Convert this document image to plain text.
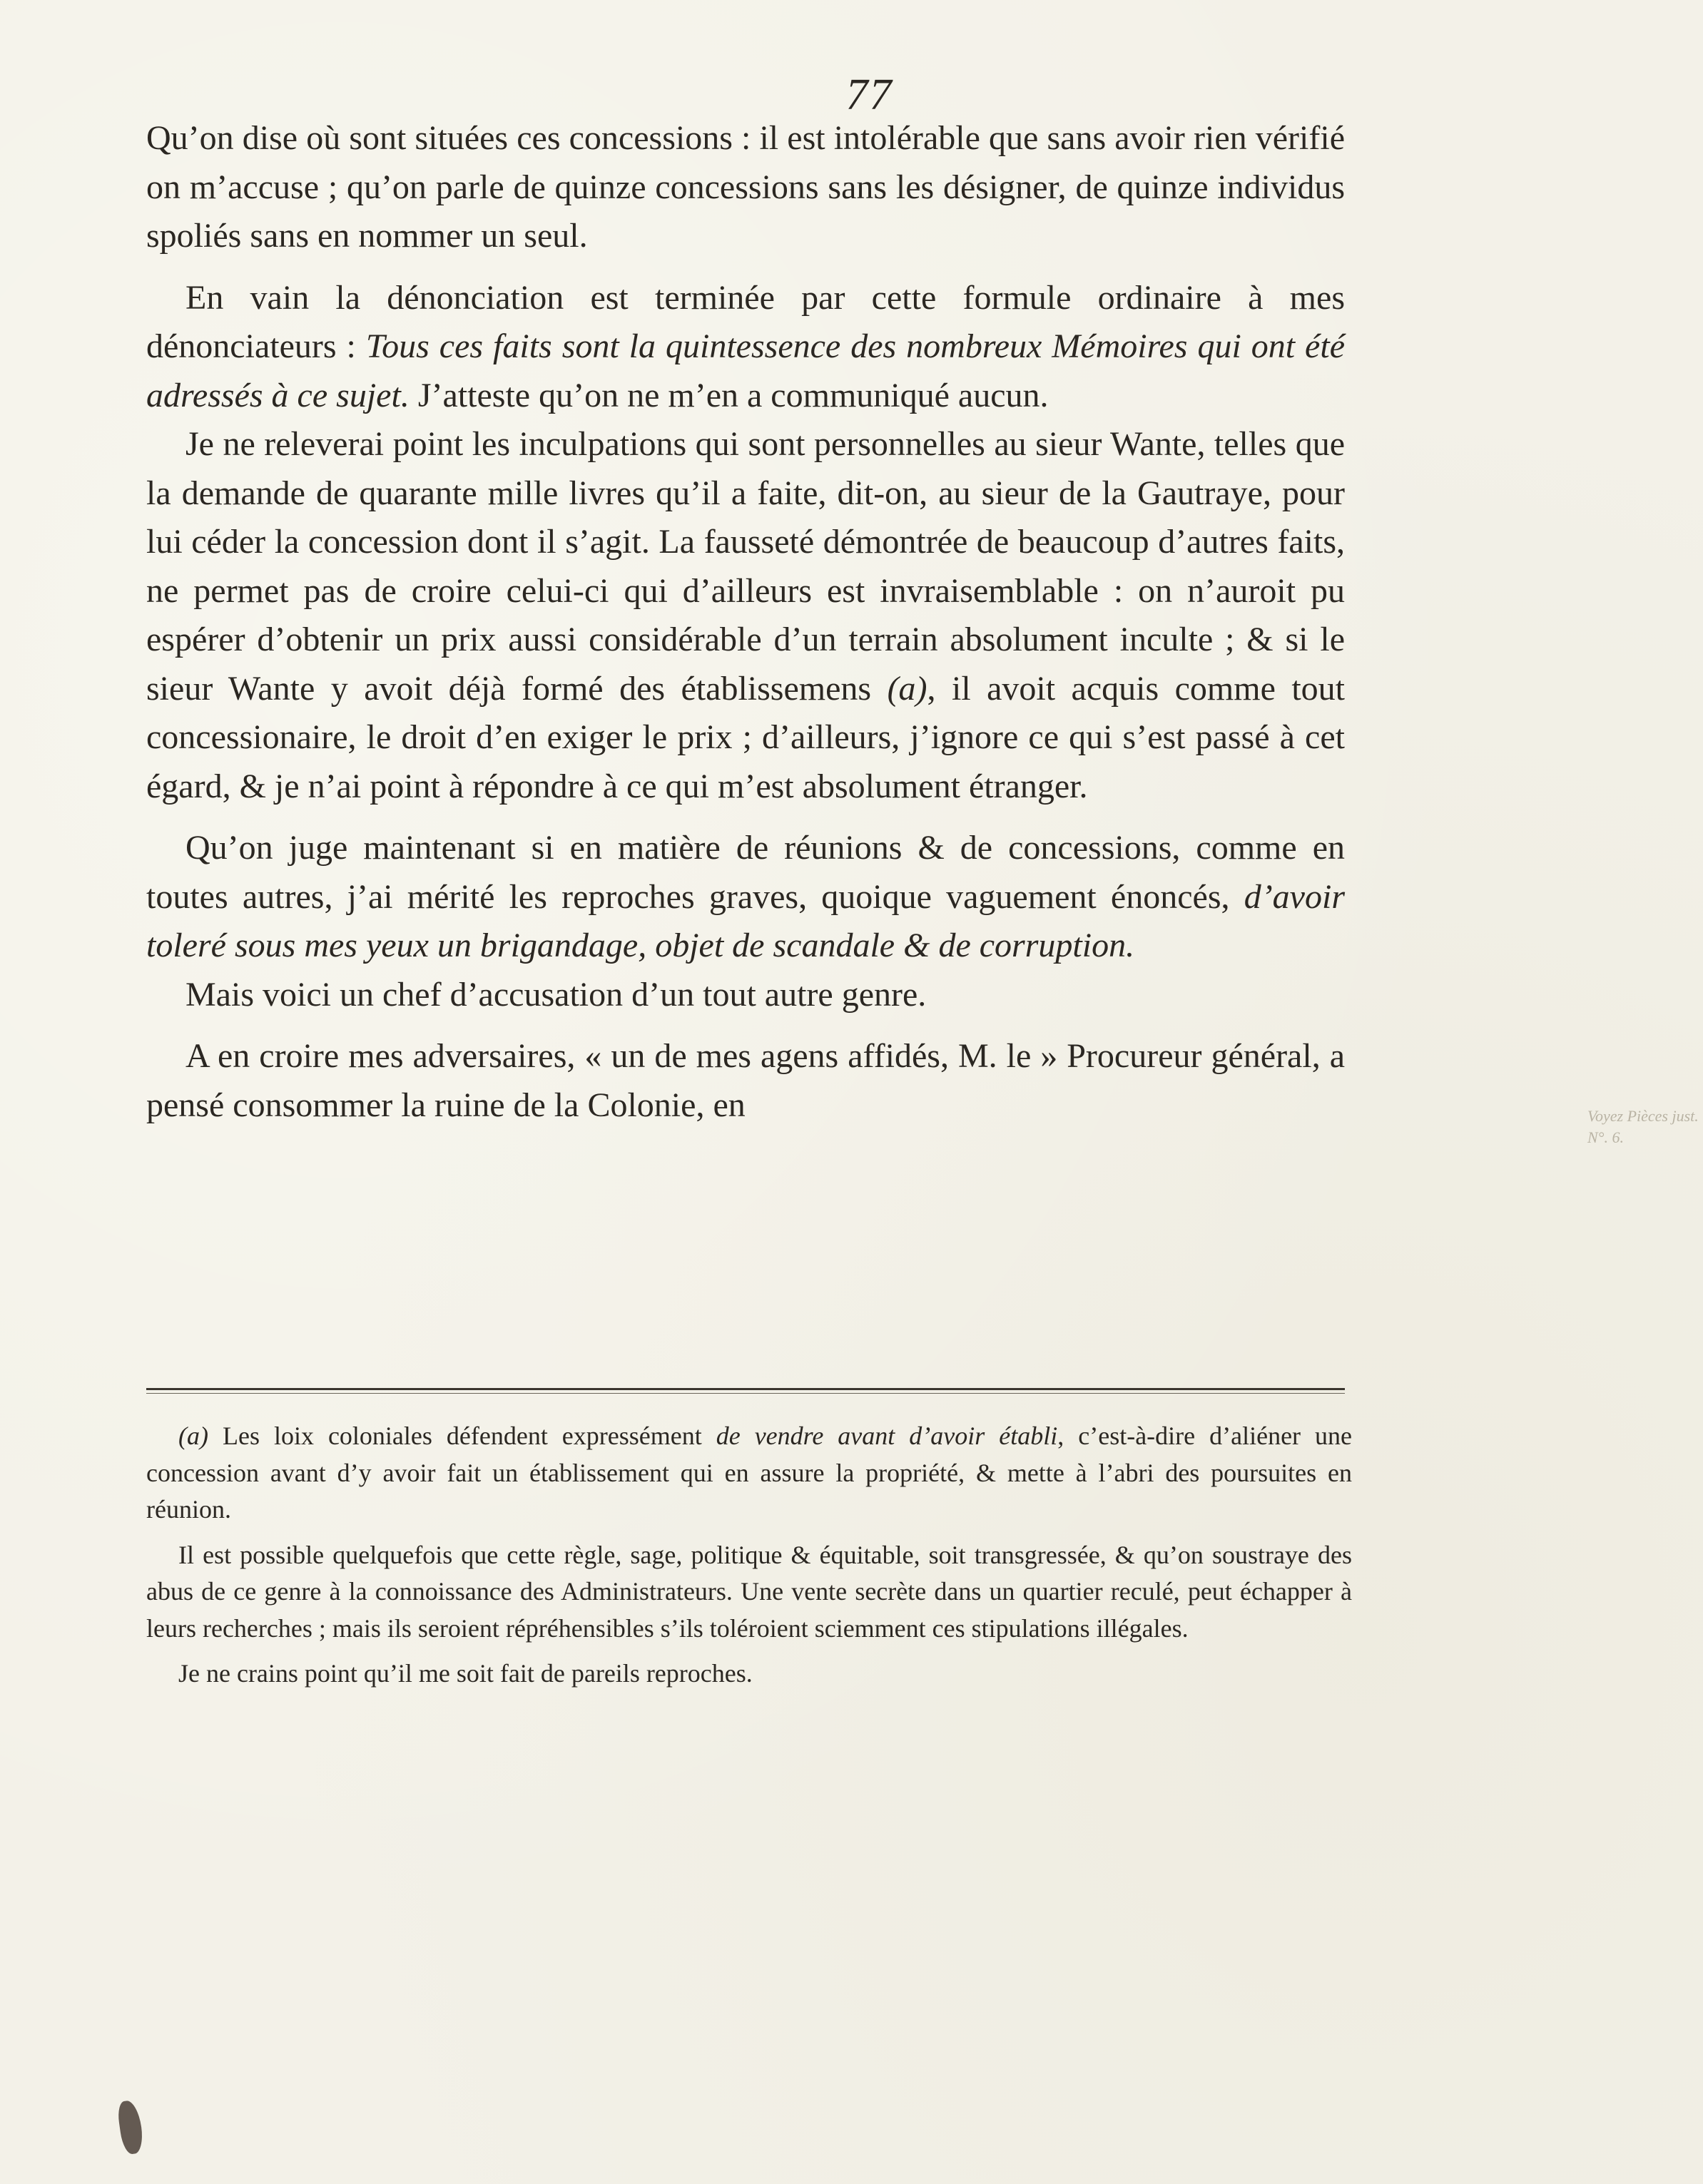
77

Qu’on dise où sont situées ces concessions : il est intolérable que sans avoir rien vérifié on m’accuse ; qu’on parle de quinze concessions sans les désigner, de quinze individus spoliés sans en nommer un seul.

En vain la dénonciation est terminée par cette formule ordinaire à mes dénonciateurs : Tous ces faits sont la quintessence des nombreux Mémoires qui ont été adressés à ce sujet. J’atteste qu’on ne m’en a communiqué aucun.

Je ne releverai point les inculpations qui sont personnelles au sieur Wante, telles que la demande de quarante mille livres qu’il a faite, dit-on, au sieur de la Gautraye, pour lui céder la concession dont il s’agit. La fausseté démontrée de beaucoup d’autres faits, ne permet pas de croire celui-ci qui d’ailleurs est invraisemblable : on n’auroit pu espérer d’obtenir un prix aussi considérable d’un terrain absolument inculte ; & si le sieur Wante y avoit déjà formé des établissemens (a), il avoit acquis comme tout concessionaire, le droit d’en exiger le prix ; d’ailleurs, j’ignore ce qui s’est passé à cet égard, & je n’ai point à répondre à ce qui m’est absolument étranger.

Qu’on juge maintenant si en matière de réunions & de concessions, comme en toutes autres, j’ai mérité les reproches graves, quoique vaguement énoncés, d’avoir toleré sous mes yeux un brigandage, objet de scandale & de corruption.

Mais voici un chef d’accusation d’un tout autre genre.

A en croire mes adversaires, « un de mes agens affidés, M. le » Procureur général, a pensé consommer la ruine de la Colonie, en

(a) Les loix coloniales défendent expressément de vendre avant d’avoir établi, c’est-à-dire d’aliéner une concession avant d’y avoir fait un établissement qui en assure la propriété, & mette à l’abri des poursuites en réunion.

Il est possible quelquefois que cette règle, sage, politique & équitable, soit transgressée, & qu’on soustraye des abus de ce genre à la connoissance des Administrateurs. Une vente secrète dans un quartier reculé, peut échapper à leurs recherches ; mais ils seroient répréhensibles s’ils toléroient sciemment ces stipulations illégales.

Je ne crains point qu’il me soit fait de pareils reproches.

Voyez Pièces just. N°. 6.
